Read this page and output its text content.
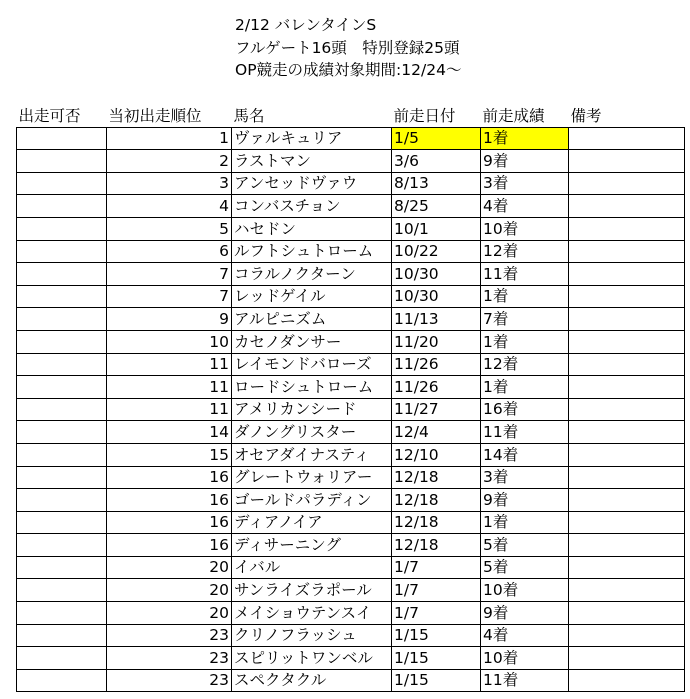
2/12 バレンタインS
フルゲート16頭　特別登録25頭
OP競走の成績対象期間:12/24〜
出走可否	当初出走順位	馬名	前走日付	前走成績	備考
	1	ヴァルキュリア	1/5	1着	
	2	ラストマン	3/6	9着	
	3	アンセッドヴァウ	8/13	3着	
	4	コンバスチョン	8/25	4着	
	5	ハセドン	10/1	10着	
	6	ルフトシュトローム	10/22	12着	
	7	コラルノクターン	10/30	11着	
	7	レッドゲイル	10/30	1着	
	9	アルピニズム	11/13	7着	
	10	カセノダンサー	11/20	1着	
	11	レイモンドバローズ	11/26	12着	
	11	ロードシュトローム	11/26	1着	
	11	アメリカンシード	11/27	16着	
	14	ダノングリスター	12/4	11着	
	15	オセアダイナスティ	12/10	14着	
	16	グレートウォリアー	12/18	3着	
	16	ゴールドパラディン	12/18	9着	
	16	ディアノイア	12/18	1着	
	16	ディサーニング	12/18	5着	
	20	イバル	1/7	5着	
	20	サンライズラポール	1/7	10着	
	20	メイショウテンスイ	1/7	9着	
	23	クリノフラッシュ	1/15	4着	
	23	スピリットワンベル	1/15	10着	
	23	スペクタクル	1/15	11着	
